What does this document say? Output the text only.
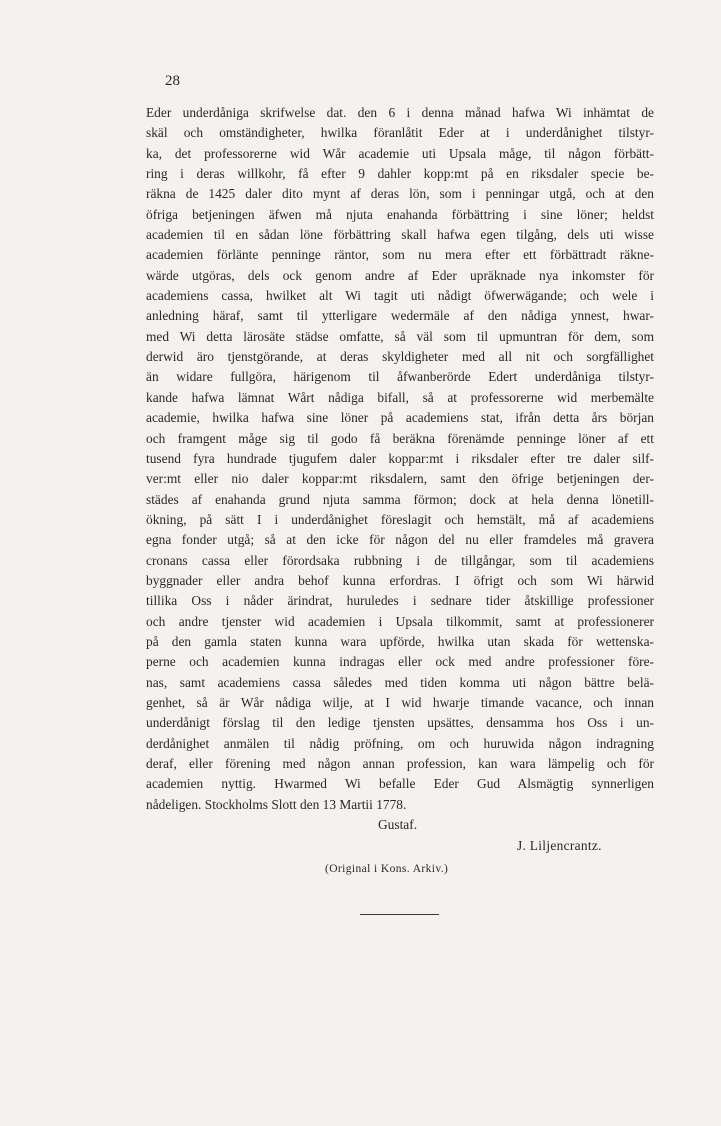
28

Eder underdåniga skrifwelse dat. den 6 i denna månad hafwa Wi inhämtat de
skäl och omständigheter, hwilka föranlåtit Eder at i underdånighet tilstyr-
ka, det professorerne wid Wår academie uti Upsala måge, til någon förbätt-
ring i deras willkohr, få efter 9 dahler kopp:mt på en riksdaler specie be-
räkna de 1425 daler dito mynt af deras lön, som i penningar utgå, och at den
öfriga betjeningen äfwen må njuta enahanda förbättring i sine löner; heldst
academien til en sådan löne förbättring skall hafwa egen tilgång, dels uti wisse
academien förlänte penninge räntor, som nu mera efter ett förbättradt räkne-
wärde utgöras, dels ock genom andre af Eder upräknade nya inkomster för
academiens cassa, hwilket alt Wi tagit uti nådigt öfwerwägande; och wele i
anledning häraf, samt til ytterligare wedermäle af den nådiga ynnest, hwar-
med Wi detta lärosäte städse omfatte, så väl som til upmuntran för dem, som
derwid äro tjenstgörande, at deras skyldigheter med all nit och sorgfällighet
än widare fullgöra, härigenom til åfwanberörde Edert underdåniga tilstyr-
kande hafwa lämnat Wårt nådiga bifall, så at professorerne wid merbemälte
academie, hwilka hafwa sine löner på academiens stat, ifrån detta års början
och framgent måge sig til godo få beräkna förenämde penninge löner af ett
tusend fyra hundrade tjugufem daler koppar:mt i riksdaler efter tre daler silf-
ver:mt eller nio daler koppar:mt riksdalern, samt den öfrige betjeningen der-
städes af enahanda grund njuta samma förmon; dock at hela denna lönetill-
ökning, på sätt I i underdånighet föreslagit och hemstält, må af academiens
egna fonder utgå; så at den icke för någon del nu eller framdeles må gravera
cronans cassa eller förordsaka rubbning i de tillgångar, som til academiens
byggnader eller andra behof kunna erfordras. I öfrigt och som Wi härwid
tillika Oss i nåder ärindrat, huruledes i sednare tider åtskillige professioner
och andre tjenster wid academien i Upsala tilkommit, samt at professionerer
på den gamla staten kunna wara upförde, hwilka utan skada för wettenska-
perne och academien kunna indragas eller ock med andre professioner före-
nas, samt academiens cassa således med tiden komma uti någon bättre belä-
genhet, så är Wår nådiga wilje, at I wid hwarje timande vacance, och innan
underdånigt förslag til den ledige tjensten upsättes, densamma hos Oss i un-
derdånighet anmälen til nådig pröfning, om och huruwida någon indragning
deraf, eller förening med någon annan profession, kan wara lämpelig och för
academien nyttig. Hwarmed Wi befalle Eder Gud Alsmägtig synnerligen
nådeligen. Stockholms Slott den 13 Martii 1778.

Gustaf.

J. Liljencrantz.

(Original i Kons. Arkiv.)
